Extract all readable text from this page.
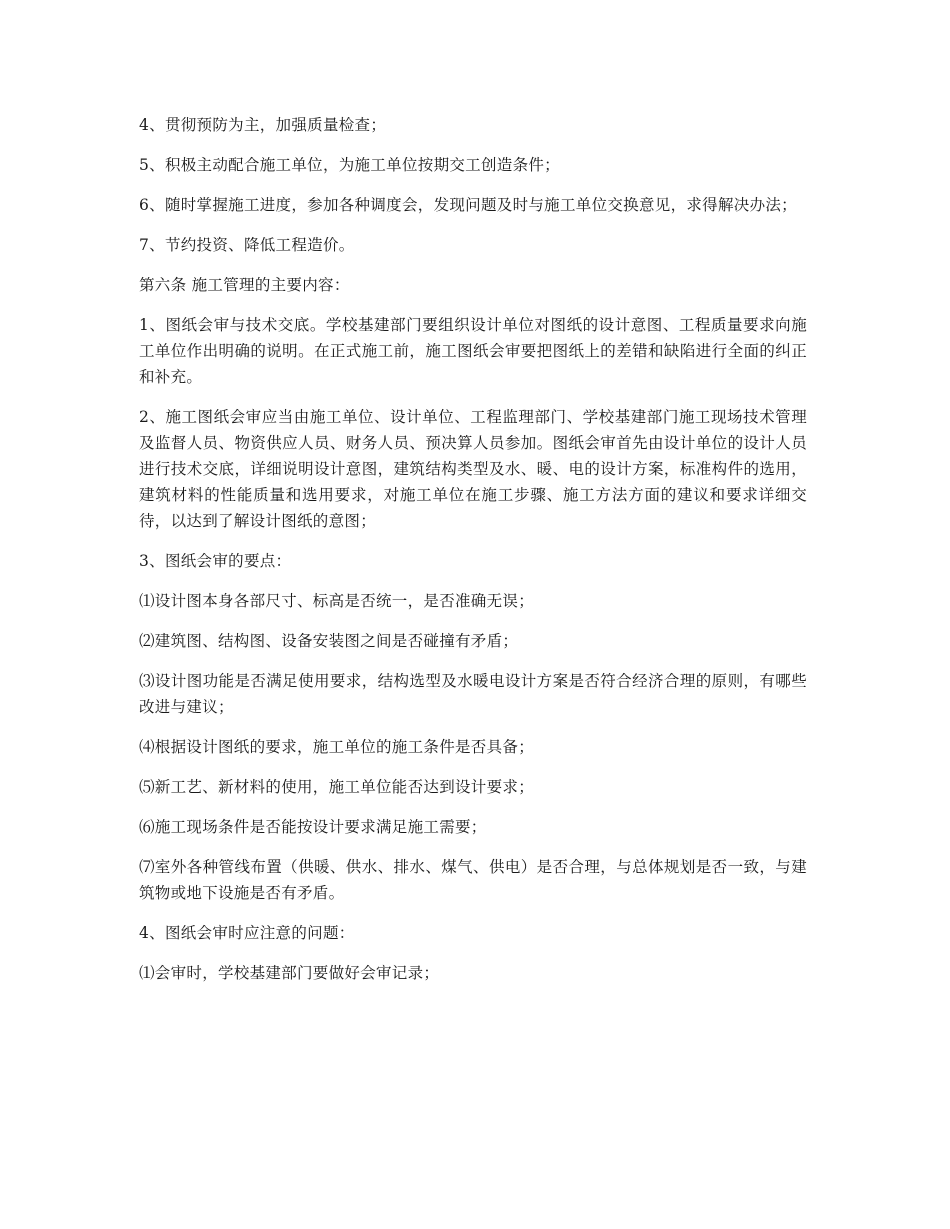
4、贯彻预防为主，加强质量检查；

5、积极主动配合施工单位，为施工单位按期交工创造条件；

6、随时掌握施工进度，参加各种调度会，发现问题及时与施工单位交换意见，求得解决办法；

7、节约投资、降低工程造价。

第六条 施工管理的主要内容：

1、图纸会审与技术交底。学校基建部门要组织设计单位对图纸的设计意图、工程质量要求向施工单位作出明确的说明。在正式施工前，施工图纸会审要把图纸上的差错和缺陷进行全面的纠正和补充。

2、施工图纸会审应当由施工单位、设计单位、工程监理部门、学校基建部门施工现场技术管理及监督人员、物资供应人员、财务人员、预决算人员参加。图纸会审首先由设计单位的设计人员进行技术交底，详细说明设计意图，建筑结构类型及水、暖、电的设计方案，标准构件的选用，建筑材料的性能质量和选用要求，对施工单位在施工步骤、施工方法方面的建议和要求详细交待，以达到了解设计图纸的意图；

3、图纸会审的要点：

⑴设计图本身各部尺寸、标高是否统一，是否准确无误；

⑵建筑图、结构图、设备安装图之间是否碰撞有矛盾；

⑶设计图功能是否满足使用要求，结构选型及水暖电设计方案是否符合经济合理的原则，有哪些改进与建议；

⑷根据设计图纸的要求，施工单位的施工条件是否具备；

⑸新工艺、新材料的使用，施工单位能否达到设计要求；

⑹施工现场条件是否能按设计要求满足施工需要；

⑺室外各种管线布置（供暖、供水、排水、煤气、供电）是否合理，与总体规划是否一致，与建筑物或地下设施是否有矛盾。

4、图纸会审时应注意的问题：

⑴会审时，学校基建部门要做好会审记录；
